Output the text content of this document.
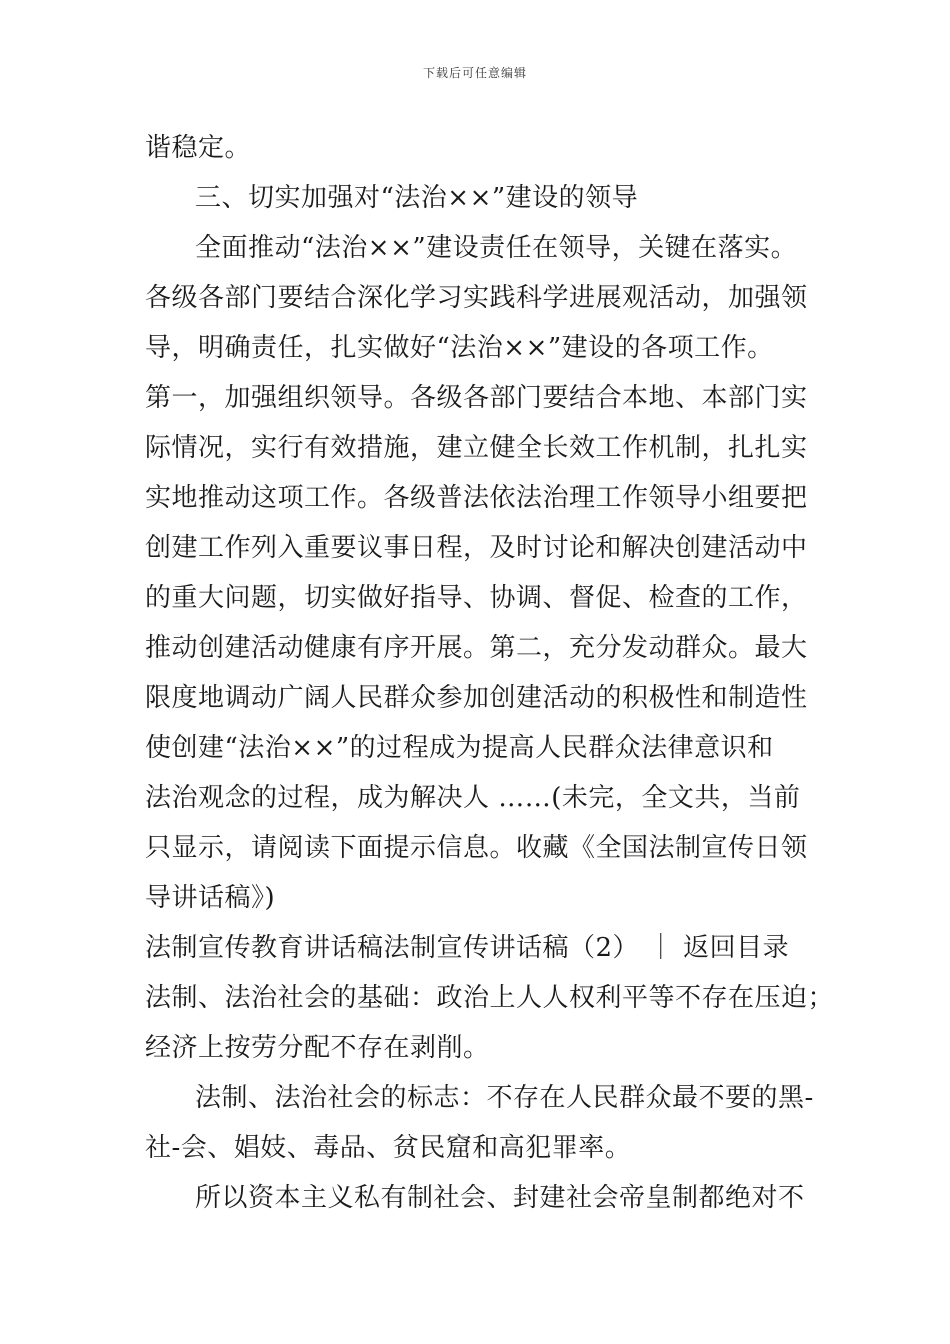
下载后可任意编辑
谐稳定。
三、切实加强对“法治××”建设的领导
全面推动“法治××”建设责任在领导，关键在落实。
各级各部门要结合深化学习实践科学进展观活动，加强领
导，明确责任，扎实做好“法治××”建设的各项工作。
第一，加强组织领导。各级各部门要结合本地、本部门实
际情况，实行有效措施，建立健全长效工作机制，扎扎实
实地推动这项工作。各级普法依法治理工作领导小组要把
创建工作列入重要议事日程，及时讨论和解决创建活动中
的重大问题，切实做好指导、协调、督促、检查的工作，
推动创建活动健康有序开展。第二，充分发动群众。最大
限度地调动广阔人民群众参加创建活动的积极性和制造性
使创建“法治××”的过程成为提高人民群众法律意识和
法治观念的过程，成为解决人 ……(未完，全文共，当前
只显示，请阅读下面提示信息。收藏《全国法制宣传日领
导讲话稿》)
法制宣传教育讲话稿法制宣传讲话稿（2） ｜ 返回目录
法制、法治社会的基础：政治上人人权利平等不存在压迫；
经济上按劳分配不存在剥削。
法制、法治社会的标志：不存在人民群众最不要的黑-
社-会、娼妓、毒品、贫民窟和高犯罪率。
所以资本主义私有制社会、封建社会帝皇制都绝对不
